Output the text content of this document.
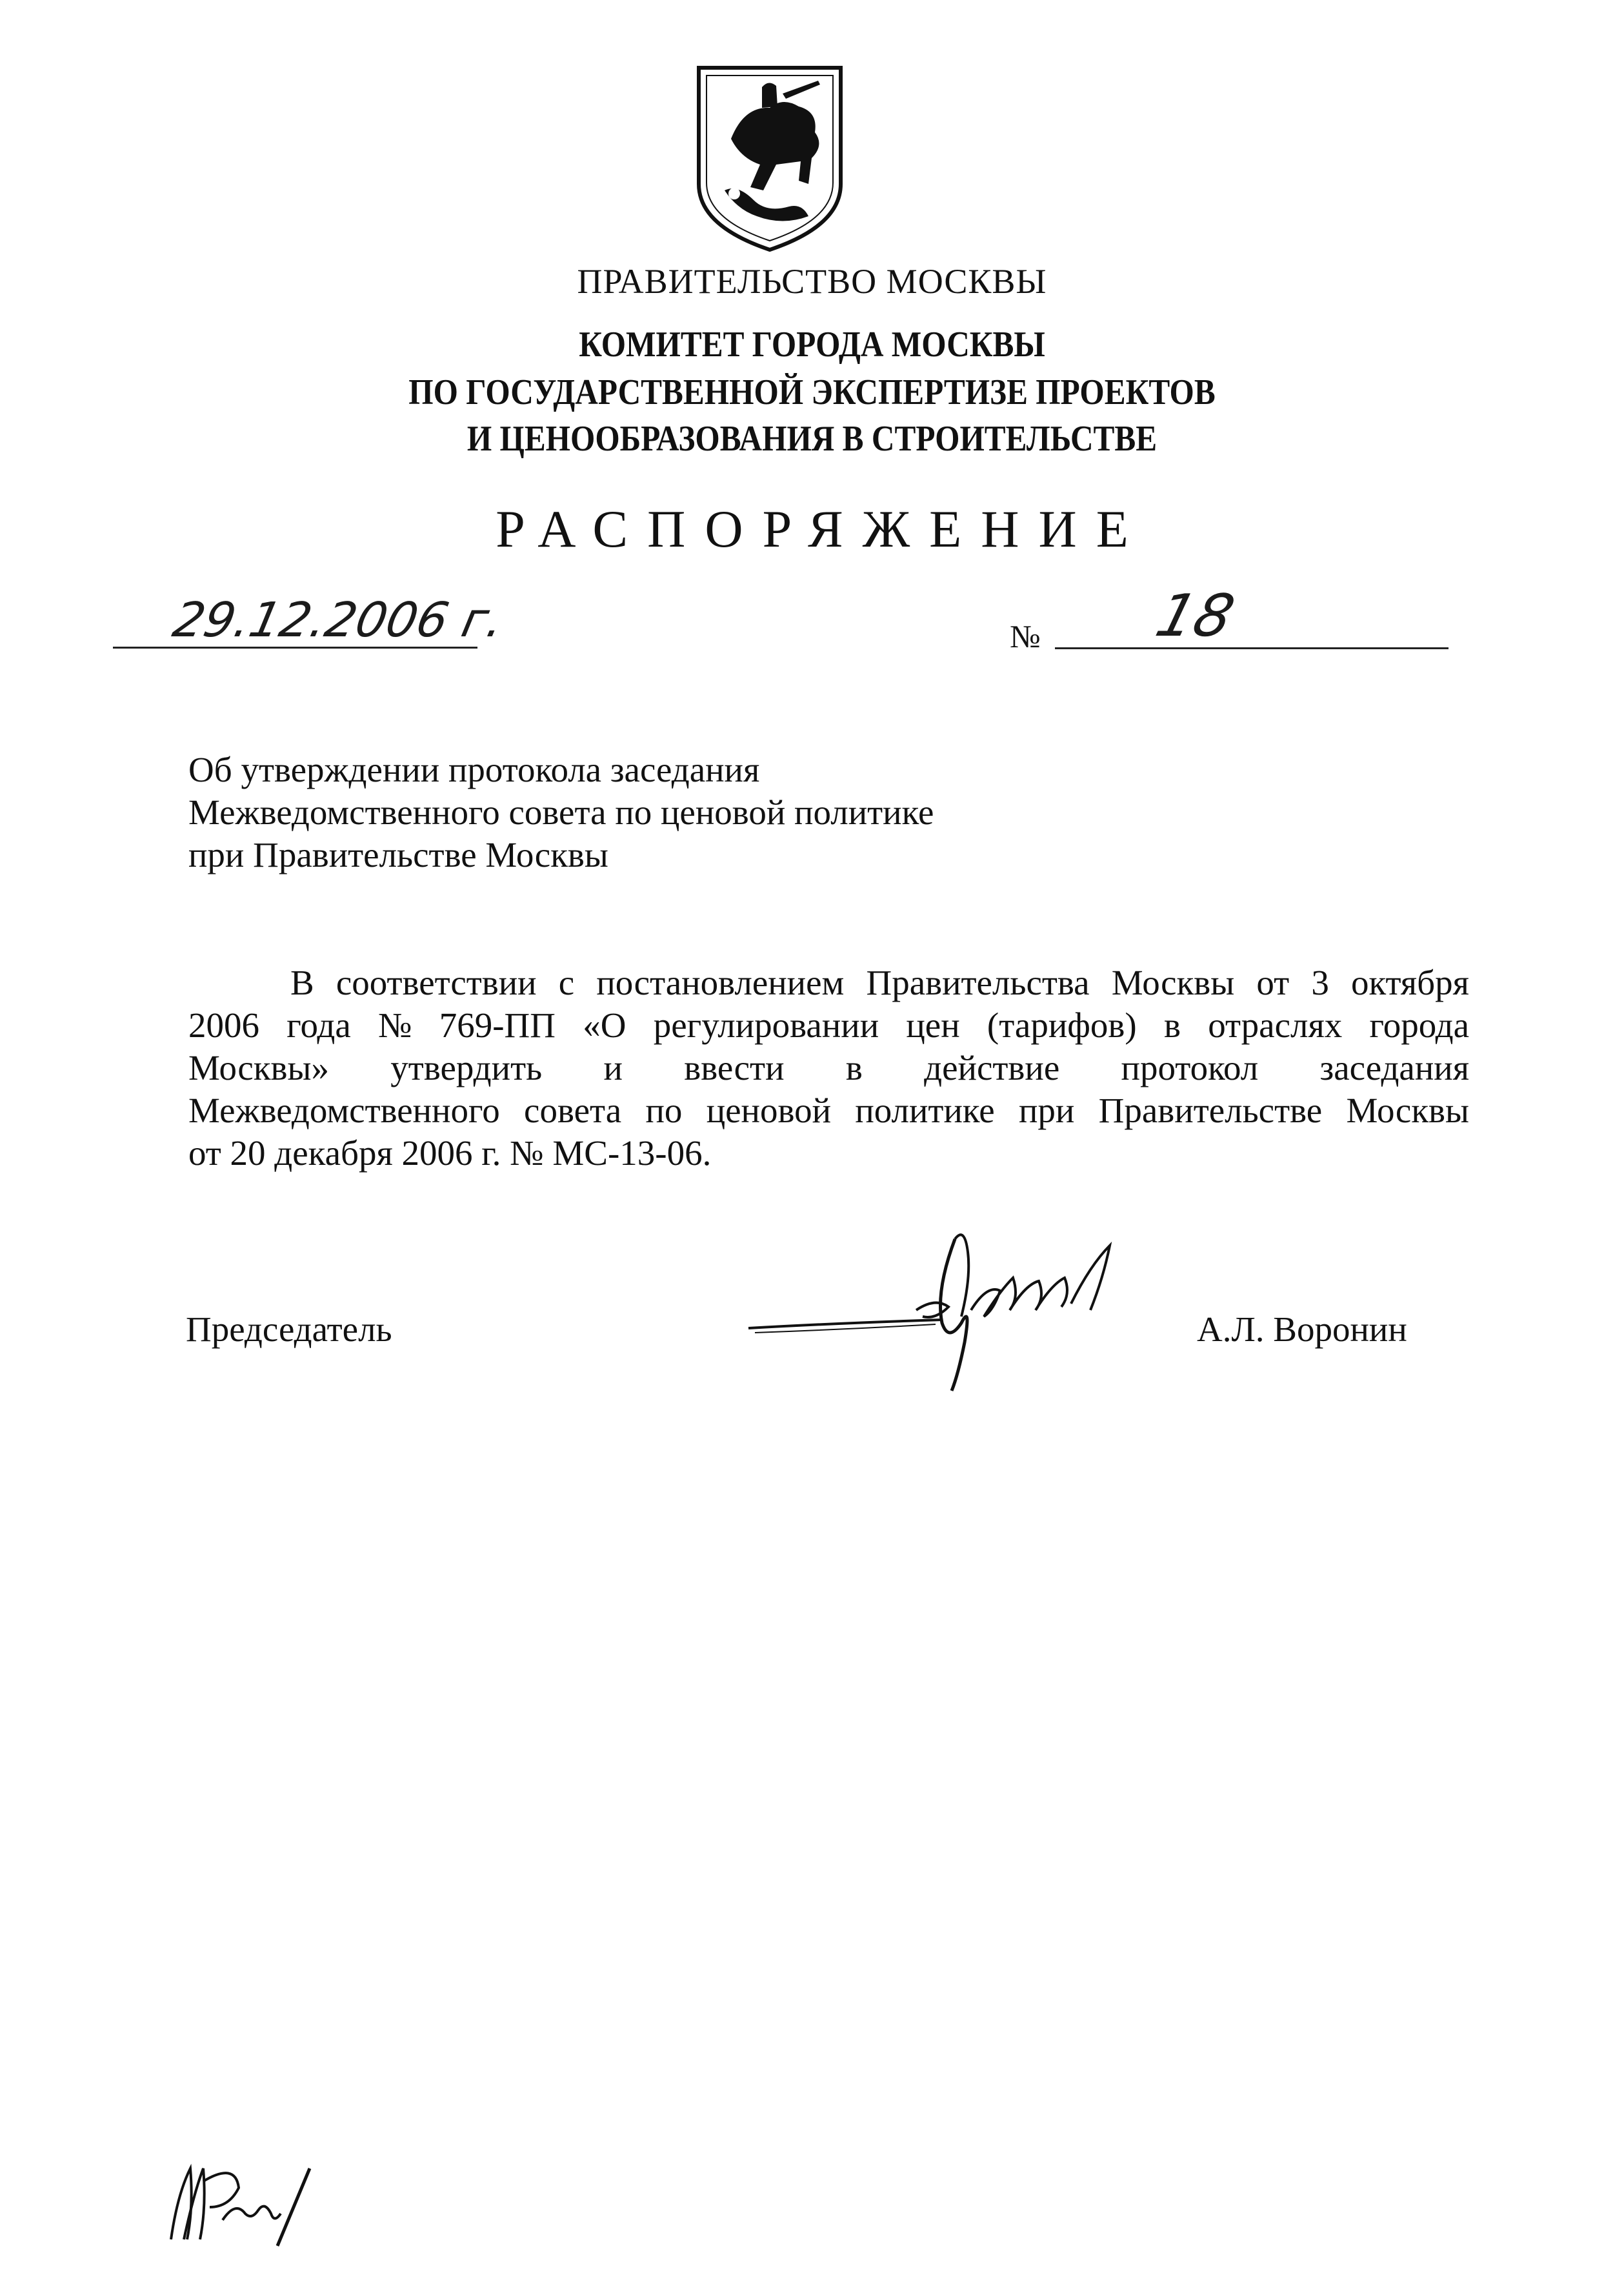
ПРАВИТЕЛЬСТВО МОСКВЫ
КОМИТЕТ ГОРОДА МОСКВЫ
ПО ГОСУДАРСТВЕННОЙ ЭКСПЕРТИЗЕ ПРОЕКТОВ
И ЦЕНООБРАЗОВАНИЯ В СТРОИТЕЛЬСТВЕ
РАСПОРЯЖЕНИЕ
29.12.2006 г.	№ 18
Об утверждении протокола заседания
Межведомственного совета по ценовой политике
при Правительстве Москвы
В соответствии с постановлением Правительства Москвы от 3 октября
2006 года № 769-ПП «О регулировании цен (тарифов) в отраслях города
Москвы» утвердить и ввести в действие протокол заседания
Межведомственного совета по ценовой политике при Правительстве Москвы
от 20 декабря 2006 г. № МС-13-06.
Председатель	А.Л. Воронин
